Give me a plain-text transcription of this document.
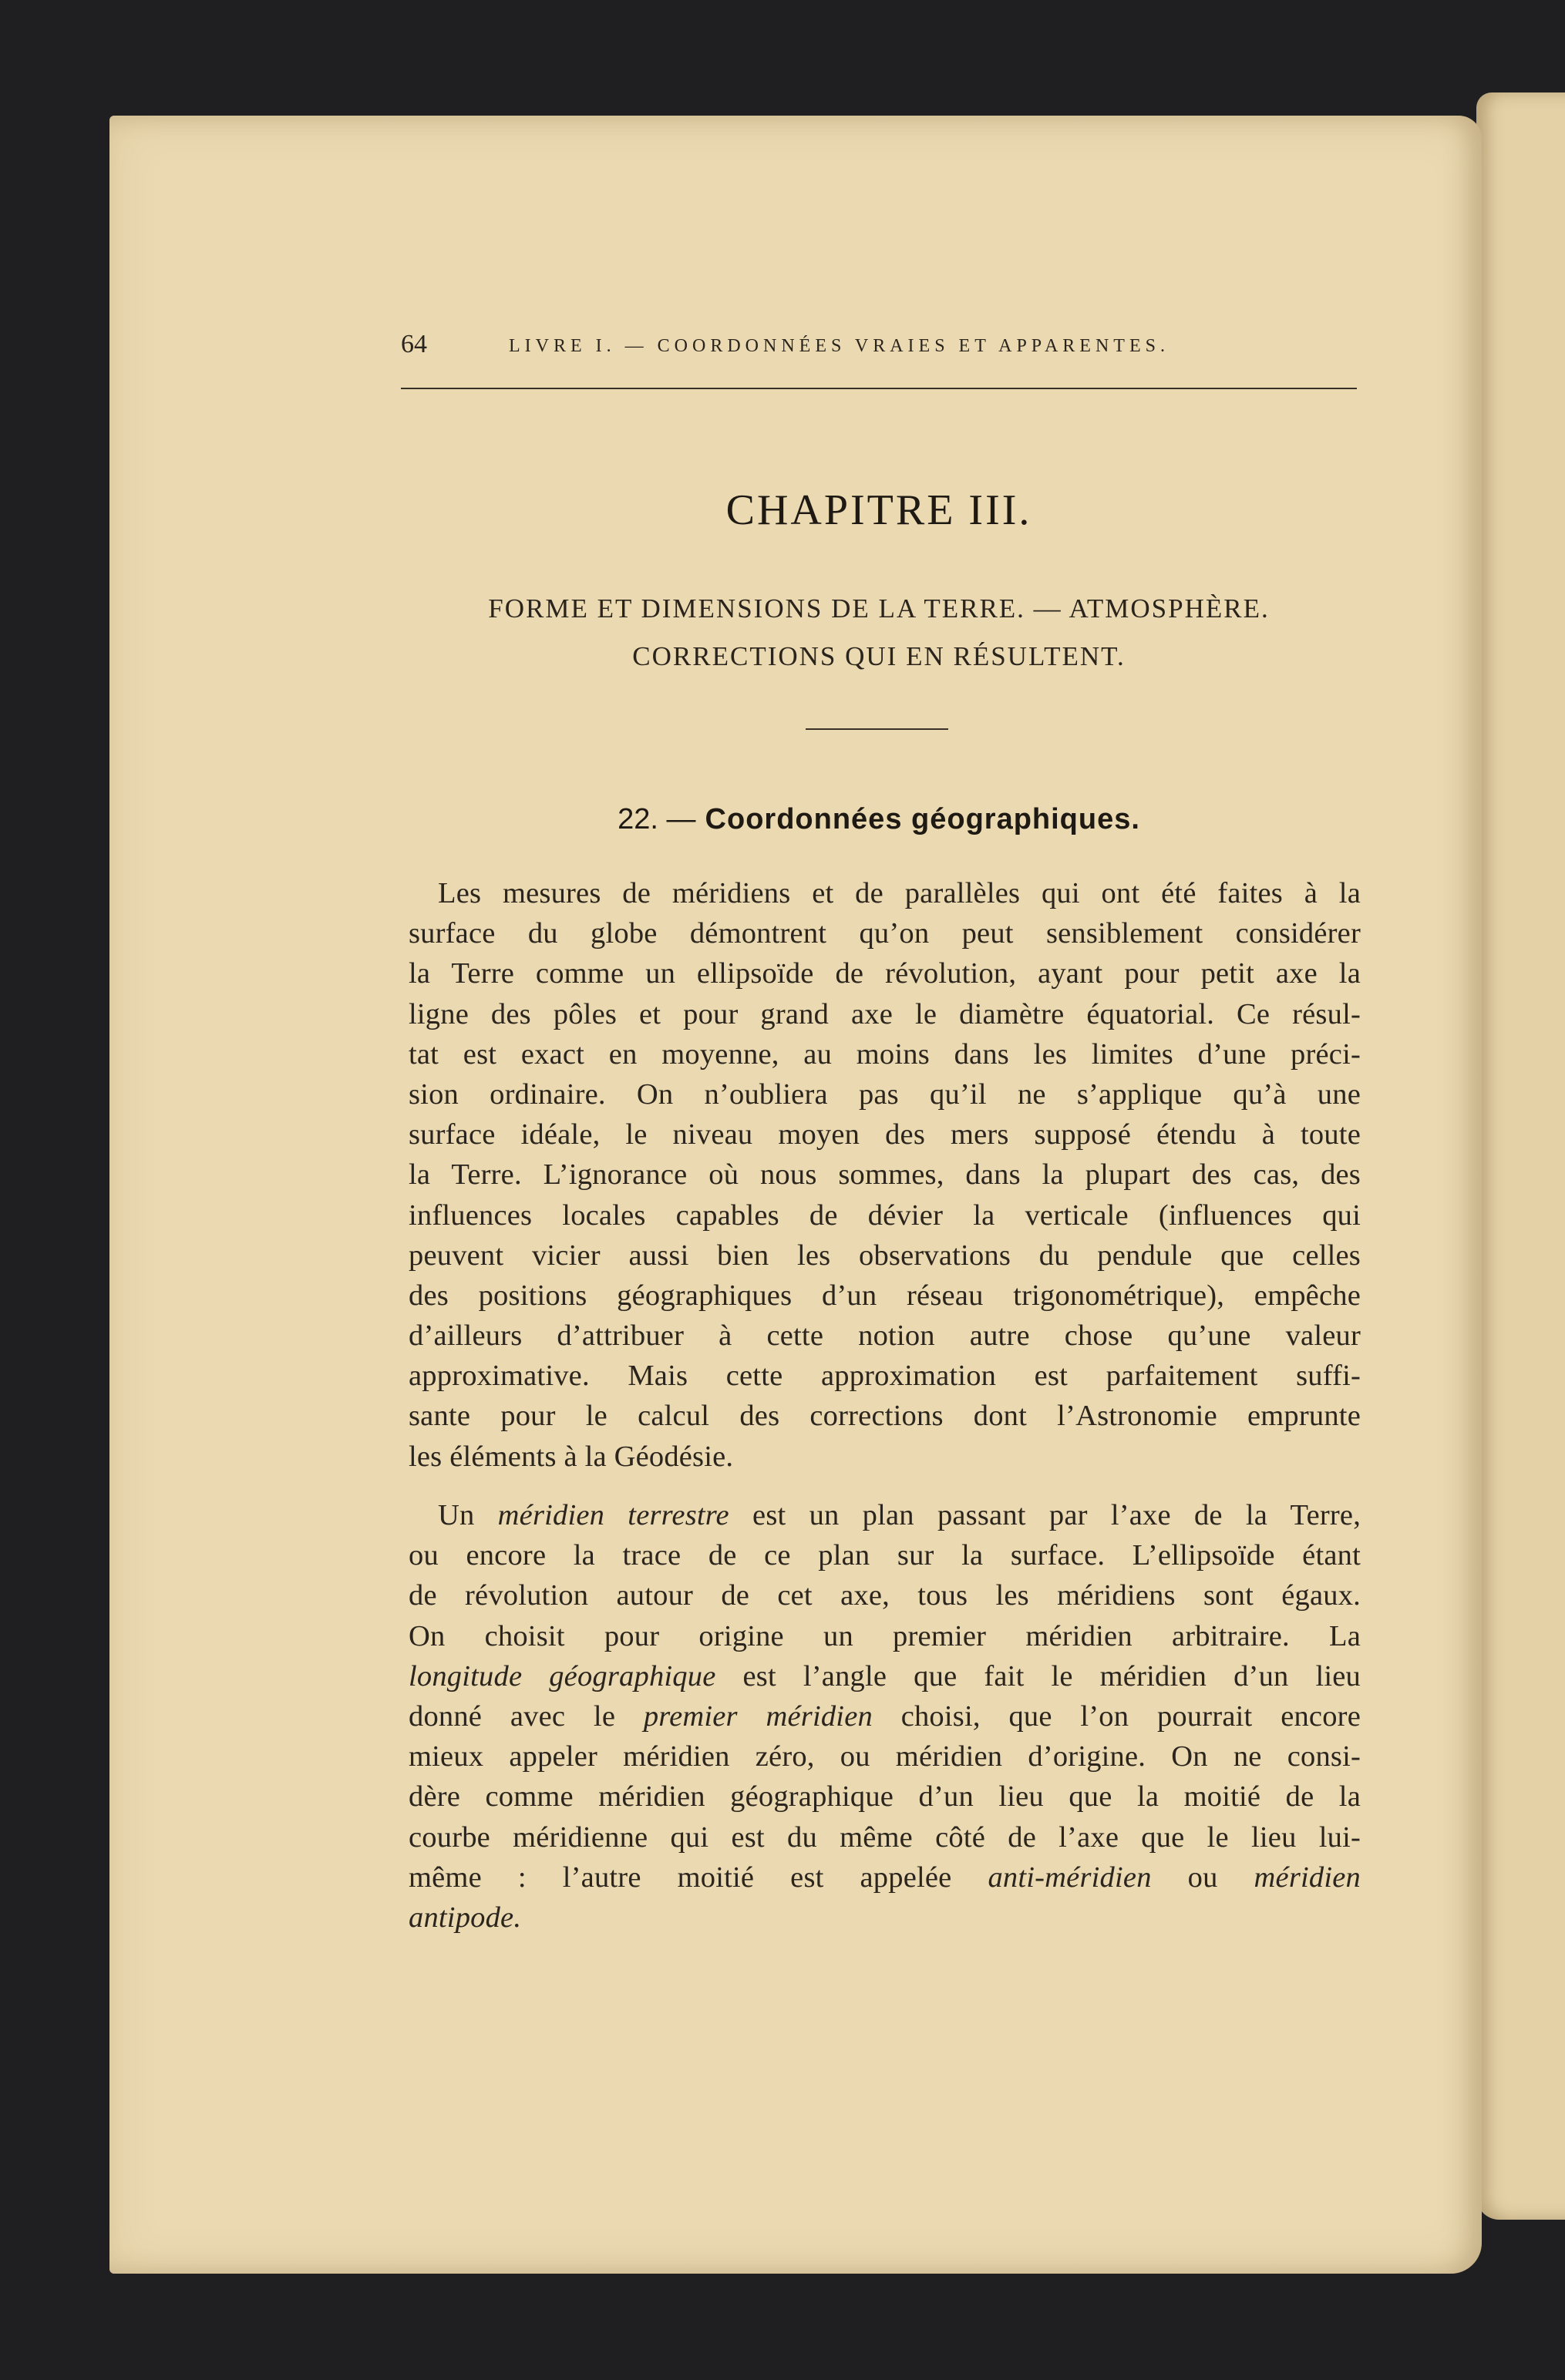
64	LIVRE I. — COORDONNÉES VRAIES ET APPARENTES.
CHAPITRE III.
FORME ET DIMENSIONS DE LA TERRE. — ATMOSPHÈRE.
CORRECTIONS QUI EN RÉSULTENT.
22. — Coordonnées géographiques.
Les mesures de méridiens et de parallèles qui ont été faites à la
surface du globe démontrent qu’on peut sensiblement considérer
la Terre comme un ellipsoïde de révolution, ayant pour petit axe la
ligne des pôles et pour grand axe le diamètre équatorial. Ce résul-
tat est exact en moyenne, au moins dans les limites d’une préci-
sion ordinaire. On n’oubliera pas qu’il ne s’applique qu’à une
surface idéale, le niveau moyen des mers supposé étendu à toute
la Terre. L’ignorance où nous sommes, dans la plupart des cas, des
influences locales capables de dévier la verticale (influences qui
peuvent vicier aussi bien les observations du pendule que celles
des positions géographiques d’un réseau trigonométrique), empêche
d’ailleurs d’attribuer à cette notion autre chose qu’une valeur
approximative. Mais cette approximation est parfaitement suffi-
sante pour le calcul des corrections dont l’Astronomie emprunte
les éléments à la Géodésie.
Un méridien terrestre est un plan passant par l’axe de la Terre,
ou encore la trace de ce plan sur la surface. L’ellipsoïde étant
de révolution autour de cet axe, tous les méridiens sont égaux.
On choisit pour origine un premier méridien arbitraire. La
longitude géographique est l’angle que fait le méridien d’un lieu
donné avec le premier méridien choisi, que l’on pourrait encore
mieux appeler méridien zéro, ou méridien d’origine. On ne consi-
dère comme méridien géographique d’un lieu que la moitié de la
courbe méridienne qui est du même côté de l’axe que le lieu lui-
même : l’autre moitié est appelée anti-méridien ou méridien
antipode.
